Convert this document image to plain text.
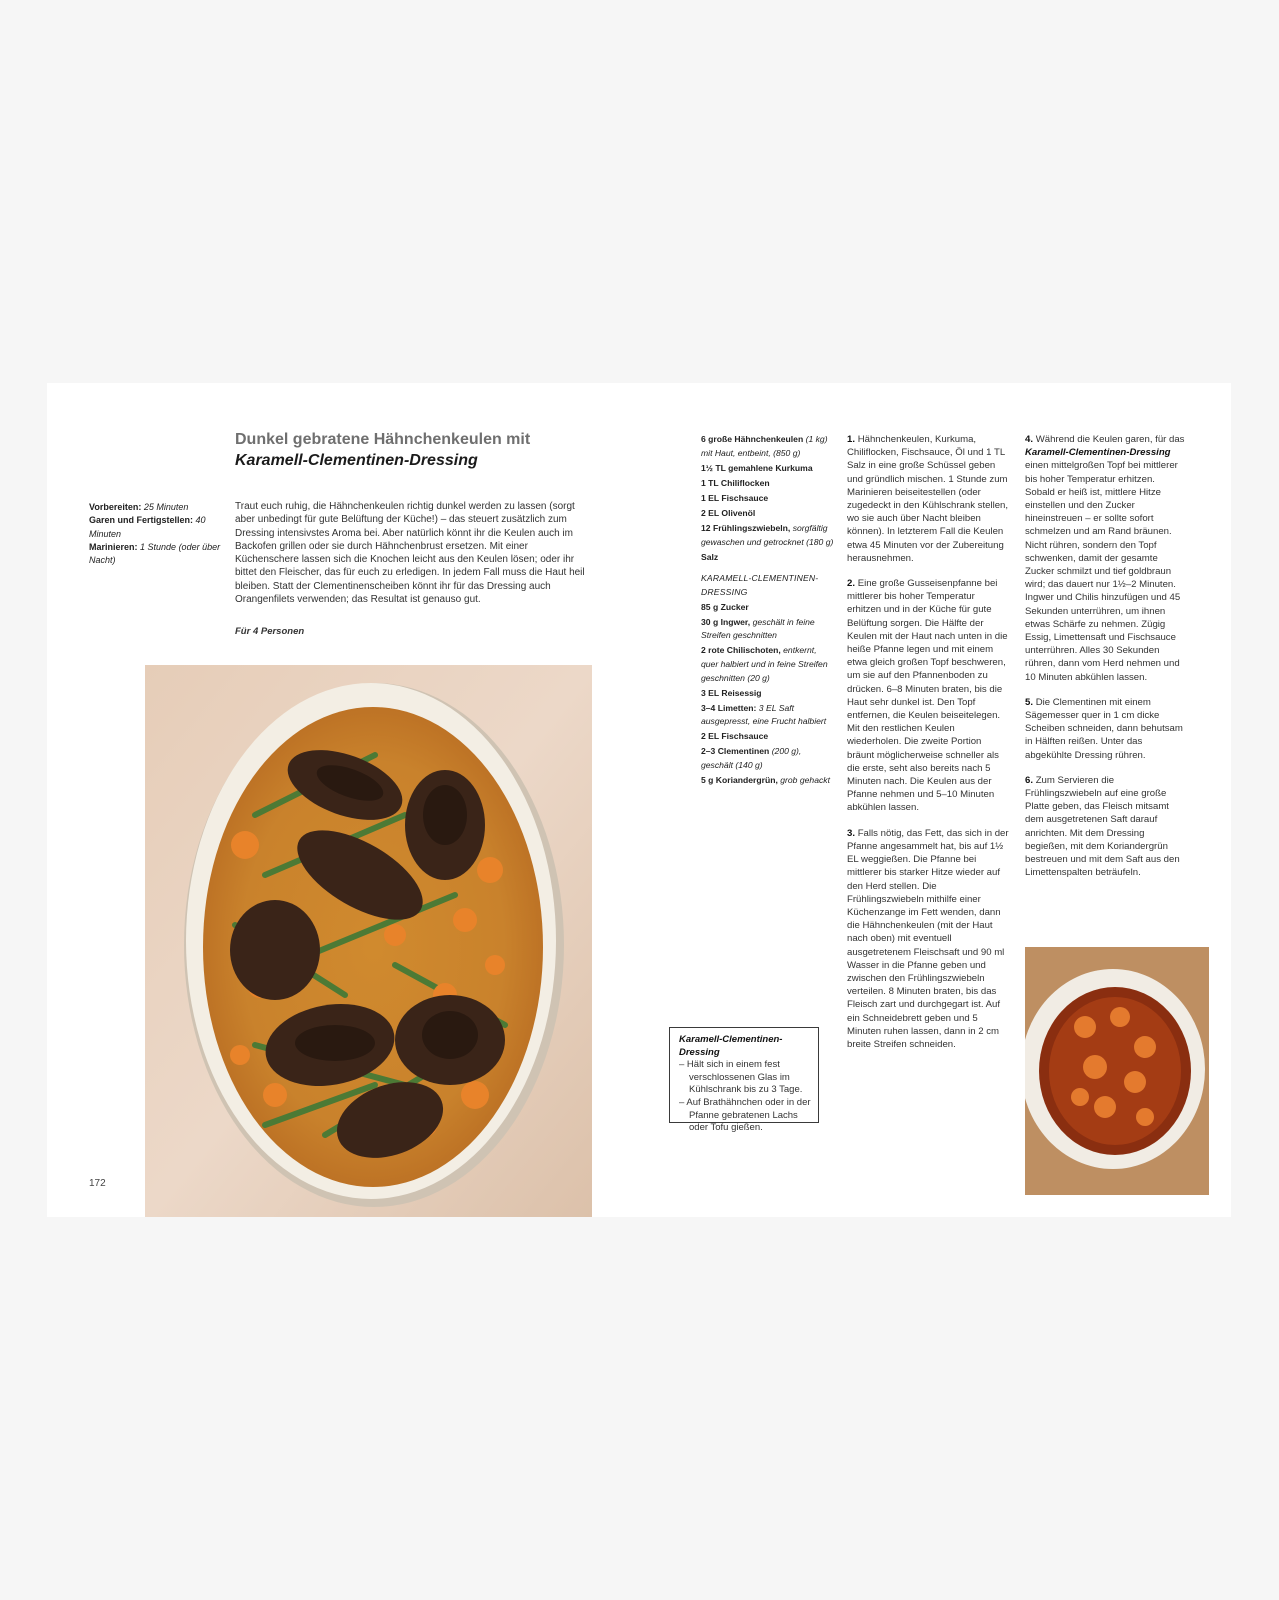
Dunkel gebratene Hähnchenkeulen mit
Karamell-Clementinen-Dressing
Vorbereiten: 25 Minuten
Garen und Fertigstellen: 40 Minuten
Marinieren: 1 Stunde (oder über Nacht)
Traut euch ruhig, die Hähnchenkeulen richtig dunkel werden zu lassen (sorgt aber unbedingt für gute Belüftung der Küche!) – das steuert zusätzlich zum Dressing intensivstes Aroma bei. Aber natürlich könnt ihr die Keulen auch im Backofen grillen oder sie durch Hähnchenbrust ersetzen. Mit einer Küchenschere lassen sich die Knochen leicht aus den Keulen lösen; oder ihr bittet den Fleischer, das für euch zu erledigen. In jedem Fall muss die Haut heil bleiben. Statt der Clementinenscheiben könnt ihr für das Dressing auch Orangenfilets verwenden; das Resultat ist genauso gut.
Für 4 Personen
6 große Hähnchenkeulen (1 kg) mit Haut, entbeint, (850 g)
1½ TL gemahlene Kurkuma
1 TL Chiliflocken
1 EL Fischsauce
2 EL Olivenöl
12 Frühlingszwiebeln, sorgfältig gewaschen und getrocknet (180 g)
Salz
KARAMELL-CLEMENTINEN-DRESSING
85 g Zucker
30 g Ingwer, geschält in feine Streifen geschnitten
2 rote Chilischoten, entkernt, quer halbiert und in feine Streifen geschnitten (20 g)
3 EL Reisessig
3–4 Limetten: 3 EL Saft ausgepresst, eine Frucht halbiert
2 EL Fischsauce
2–3 Clementinen (200 g), geschält (140 g)
5 g Koriandergrün, grob gehackt

1. Hähnchenkeulen, Kurkuma, Chiliflocken, Fischsauce, Öl und 1 TL Salz in eine große Schüssel geben und gründlich mischen. 1 Stunde zum Marinieren beiseitestellen (oder zugedeckt in den Kühlschrank stellen, wo sie auch über Nacht bleiben können). In letzterem Fall die Keulen etwa 45 Minuten vor der Zubereitung herausnehmen.

2. Eine große Gusseisenpfanne bei mittlerer bis hoher Temperatur erhitzen und in der Küche für gute Belüftung sorgen. Die Hälfte der Keulen mit der Haut nach unten in die heiße Pfanne legen und mit einem etwa gleich großen Topf beschweren, um sie auf den Pfannenboden zu drücken. 6–8 Minuten braten, bis die Haut sehr dunkel ist. Den Topf entfernen, die Keulen beiseitelegen. Mit den restlichen Keulen wiederholen. Die zweite Portion bräunt möglicherweise schneller als die erste, seht also bereits nach 5 Minuten nach. Die Keulen aus der Pfanne nehmen und 5–10 Minuten abkühlen lassen.

3. Falls nötig, das Fett, das sich in der Pfanne angesammelt hat, bis auf 1½ EL weggießen. Die Pfanne bei mittlerer bis starker Hitze wieder auf den Herd stellen. Die Frühlingszwiebeln mithilfe einer Küchenzange im Fett wenden, dann die Hähnchenkeulen (mit der Haut nach oben) mit eventuell ausgetretenem Fleischsaft und 90 ml Wasser in die Pfanne geben und zwischen den Frühlingszwiebeln verteilen. 8 Minuten braten, bis das Fleisch zart und durchgegart ist. Auf ein Schneidebrett geben und 5 Minuten ruhen lassen, dann in 2 cm breite Streifen schneiden.

4. Während die Keulen garen, für das Karamell-Clementinen-Dressing einen mittelgroßen Topf bei mittlerer bis hoher Temperatur erhitzen. Sobald er heiß ist, mittlere Hitze einstellen und den Zucker hineinstreuen – er sollte sofort schmelzen und am Rand bräunen. Nicht rühren, sondern den Topf schwenken, damit der gesamte Zucker schmilzt und tief goldbraun wird; das dauert nur 1½–2 Minuten. Ingwer und Chilis hinzufügen und 45 Sekunden unterrühren, um ihnen etwas Schärfe zu nehmen. Zügig Essig, Limettensaft und Fischsauce unterrühren. Alles 30 Sekunden rühren, dann vom Herd nehmen und 10 Minuten abkühlen lassen.

5. Die Clementinen mit einem Sägemesser quer in 1 cm dicke Scheiben schneiden, dann behutsam in Hälften reißen. Unter das abgekühlte Dressing rühren.

6. Zum Servieren die Frühlingszwiebeln auf eine große Platte geben, das Fleisch mitsamt dem ausgetretenen Saft darauf anrichten. Mit dem Dressing begießen, mit dem Koriandergrün bestreuen und mit dem Saft aus den Limettenspalten beträufeln.

Karamell-Clementinen-Dressing
– Hält sich in einem fest verschlossenen Glas im Kühlschrank bis zu 3 Tage.
– Auf Brathähnchen oder in der Pfanne gebratenen Lachs oder Tofu gießen.
172
